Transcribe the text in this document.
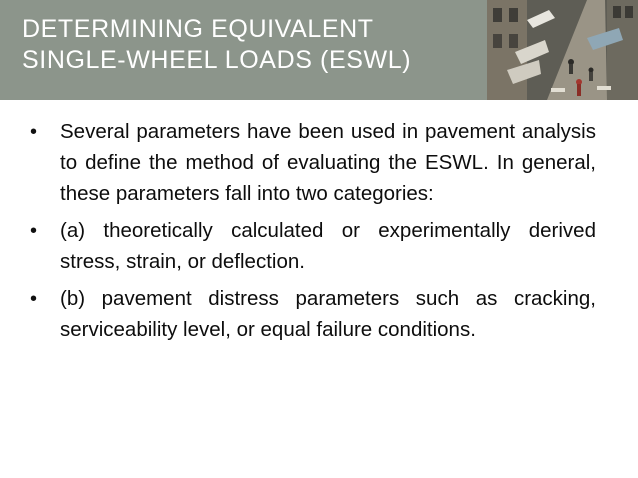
DETERMINING EQUIVALENT
SINGLE-WHEEL LOADS (ESWL)
• Several parameters have been used in pavement analysis to define the method of evaluating the ESWL. In general, these parameters fall into two categories:
• (a) theoretically calculated or experimentally derived stress, strain, or deflection.
• (b) pavement distress parameters such as cracking, serviceability level, or equal failure conditions.
